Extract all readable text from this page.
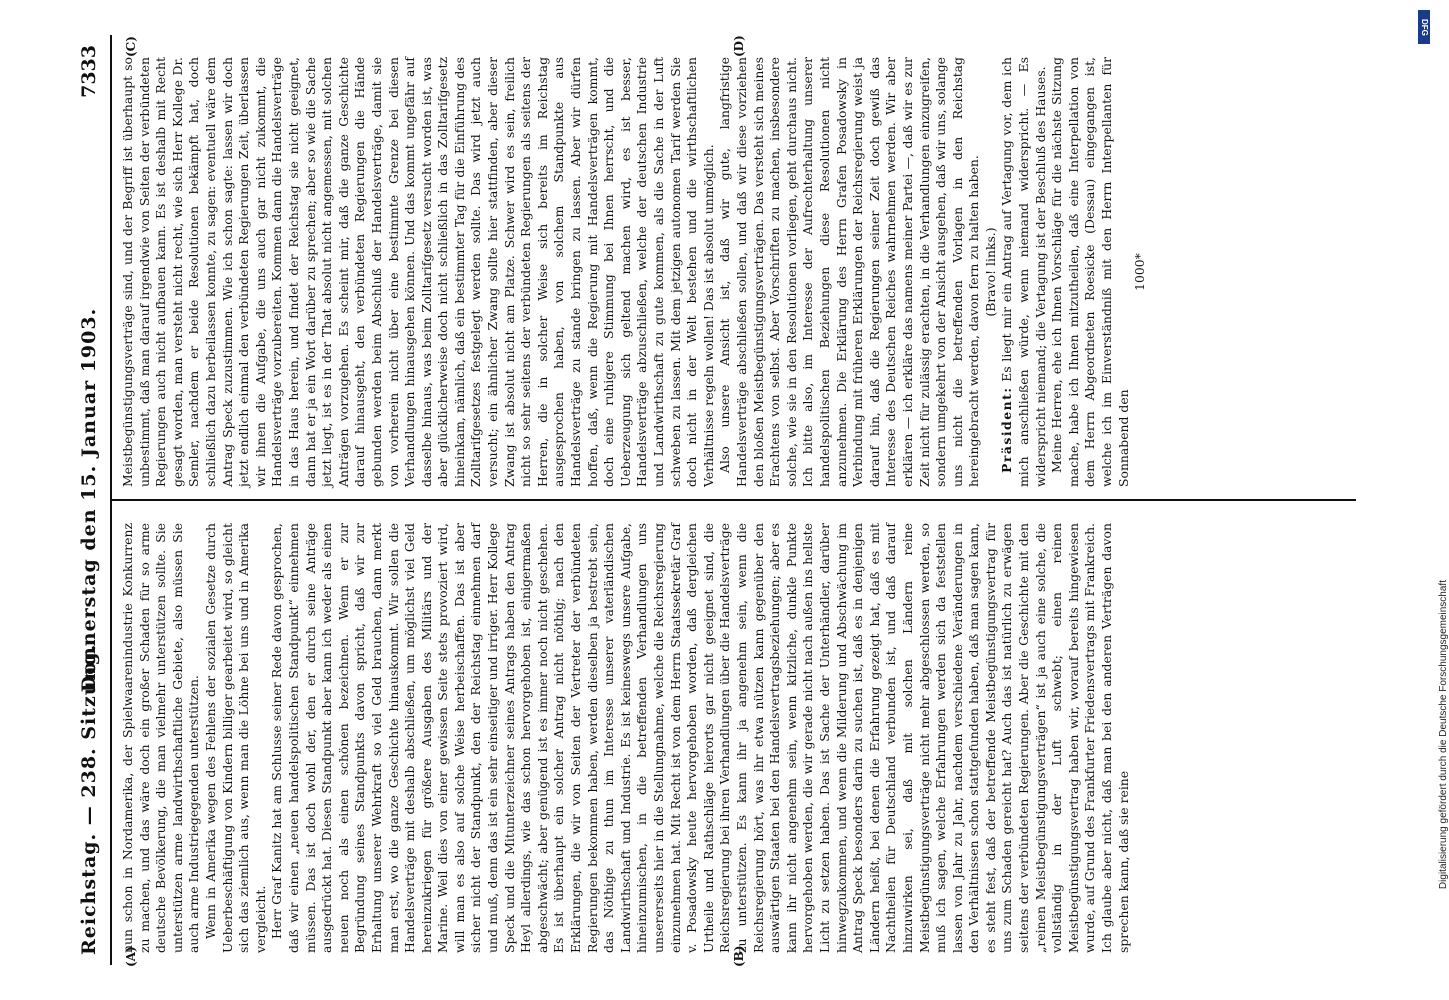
Reichstag. — 238. Sitzung.
Donnerstag den 15. Januar 1903.
7333
(A)	(B)
(C)	(D)

nun schon in Nordamerika, der Spielwaarenindustrie Konkurrenz zu machen, und das wäre doch ein großer Schaden für so arme deutsche Bevölkerung, die man vielmehr unterstützen sollte. Sie unterstützen arme landwirthschaftliche Gebiete, also müssen Sie auch arme Industriegegenden unterstützen. Wenn in Amerika wegen des Fehlens der sozialen Gesetze durch Ueberbeschäftigung von Kindern billiger gearbeitet wird, so gleicht sich das ziemlich aus, wenn man die Löhne bei uns und in Amerika vergleicht. Herr Graf Kanitz hat am Schlusse seiner Rede davon gesprochen, daß wir einen „neuen handelspolitischen Standpunkt“ einnehmen müssen. Das ist doch wohl der, den er durch seine Anträge ausgedrückt hat. Diesen Standpunkt aber kann ich weder als einen neuen noch als einen schönen bezeichnen. Wenn er zur Begründung seines Standpunkts davon spricht, daß wir zur Erhaltung unserer Wehrkraft so viel Geld brauchen, dann merkt man erst, wo die ganze Geschichte hinauskommt. Wir sollen die Handelsverträge mit deshalb abschließen, um möglichst viel Geld hereinzukriegen für größere Ausgaben des Militärs und der Marine. Weil dies von einer gewissen Seite stets provoziert wird, will man es also auf solche Weise herbeischaffen. Das ist aber sicher nicht der Standpunkt, den der Reichstag einnehmen darf und muß, denn das ist ein sehr einseitiger und irriger. Herr Kollege Speck und die Mitunterzeichner seines Antrags haben den Antrag Heyl allerdings, wie das schon hervorgehoben ist, einigermaßen abgeschwächt; aber genügend ist es immer noch nicht geschehen. Es ist überhaupt ein solcher Antrag nicht nöthig; nach den Erklärungen, die wir von Seiten der Vertreter der verbündeten Regierungen bekommen haben, werden dieselben ja bestrebt sein, das Nöthige zu thun im Interesse unserer vaterländischen Landwirthschaft und Industrie. Es ist keineswegs unsere Aufgabe, hineinzumischen, in die betreffenden Verhandlungen uns unsererseits hier in die Stellungnahme, welche die Reichsregierung einzunehmen hat. Mit Recht ist von dem Herrn Staatssekretär Graf v. Posadowsky heute hervorgehoben worden, daß dergleichen Urtheile und Rathschläge hierorts gar nicht geeignet sind, die Reichsregierung bei ihren Verhandlungen über die Handelsverträge zu unterstützen. Es kann ihr ja angenehm sein, wenn die Reichsregierung hört, was ihr etwa nützen kann gegenüber den auswärtigen Staaten bei den Handelsvertragsbeziehungen; aber es kann ihr nicht angenehm sein, wenn kitzliche, dunkle Punkte hervorgehoben werden, die wir gerade nicht nach außen ins hellste Licht zu setzen haben. Das ist Sache der Unterhändler, darüber hinwegzukommen, und wenn die Milderung und Abschwächung im Antrag Speck besonders darin zu suchen ist, daß es in denjenigen Ländern heißt, bei denen die Erfahrung gezeigt hat, daß es mit Nachtheilen für Deutschland verbunden ist, und daß darauf hinzuwirken sei, daß mit solchen Ländern reine Meistbegünstigungsverträge nicht mehr abgeschlossen werden, so muß ich sagen, welche Erfahrungen werden sich da feststellen lassen von Jahr zu Jahr, nachdem verschiedene Veränderungen in den Verhältnissen schon stattgefunden haben, daß man sagen kann, es steht fest, daß der betreffende Meistbegünstigungsvertrag für uns zum Schaden gereicht hat? Auch das ist natürlich zu erwägen seitens der verbündeten Regierungen. Aber die Geschichte mit den „reinen Meistbegünstigungsverträgen“ ist ja auch eine solche, die vollständig in der Luft schwebt; einen reinen Meistbegünstigungsvertrag haben wir, worauf bereits hingewiesen wurde, auf Grund des Frankfurter Friedensvertrags mit Frankreich. Ich glaube aber nicht, daß man bei den anderen Verträgen davon sprechen kann, daß sie reine

Meistbegünstigungsverträge sind, und der Begriff ist überhaupt so unbestimmt, daß man darauf irgendwie von Seiten der verbündeten Regierungen auch nicht aufbauen kann. Es ist deshalb mit Recht gesagt worden, man versteht nicht recht, wie sich Herr Kollege Dr. Semler, nachdem er beide Resolutionen bekämpft hat, doch schließlich dazu herbeilassen konnte, zu sagen: eventuell wäre dem Antrag Speck zuzustimmen. Wie ich schon sagte: lassen wir doch jetzt endlich einmal den verbündeten Regierungen Zeit, überlassen wir ihnen die Aufgabe, die uns auch gar nicht zukommt, die Handelsverträge vorzubereiten. Kommen dann die Handelsverträge in das Haus herein, und findet der Reichstag sie nicht geeignet, dann hat er ja ein Wort darüber zu sprechen; aber so wie die Sache jetzt liegt, ist es in der That absolut nicht angemessen, mit solchen Anträgen vorzugehen. Es scheint mir, daß die ganze Geschichte darauf hinausgeht, den verbündeten Regierungen die Hände gebunden werden beim Abschluß der Handelsverträge, damit sie von vorherein nicht über eine bestimmte Grenze bei diesen Verhandlungen hinausgehen können. Und das kommt ungefähr auf dasselbe hinaus, was beim Zolltarifgesetz versucht worden ist, was aber glücklicherweise doch nicht schließlich in das Zolltarifgesetz hineinkam, nämlich, daß ein bestimmter Tag für die Einführung des Zolltarifgesetzes festgelegt werden sollte. Das wird jetzt auch versucht; ein ähnlicher Zwang sollte hier stattfinden, aber dieser Zwang ist absolut nicht am Platze. Schwer wird es sein, freilich nicht so sehr seitens der verbündeten Regierungen als seitens der Herren, die in solcher Weise sich bereits im Reichstag ausgesprochen haben, von solchem Standpunkte aus Handelsverträge zu stande bringen zu lassen. Aber wir dürfen hoffen, daß, wenn die Regierung mit Handelsverträgen kommt, doch eine ruhigere Stimmung bei Ihnen herrscht, und die Ueberzeugung sich geltend machen wird, es ist besser, Handelsverträge abzuschließen, welche der deutschen Industrie und Landwirthschaft zu gute kommen, als die Sache in der Luft schweben zu lassen. Mit dem jetzigen autonomen Tarif werden Sie doch nicht in der Welt bestehen und die wirthschaftlichen Verhältnisse regeln wollen! Das ist absolut unmöglich. Also unsere Ansicht ist, daß wir gute, langfristige Handelsverträge abschließen sollen, und daß wir diese vorziehen den bloßen Meistbegünstigungsverträgen. Das versteht sich meines Erachtens von selbst. Aber Vorschriften zu machen, insbesondere solche, wie sie in den Resolutionen vorliegen, geht durchaus nicht. Ich bitte also, im Interesse der Aufrechterhaltung unserer handelspolitischen Beziehungen diese Resolutionen nicht anzunehmen. Die Erklärung des Herrn Grafen Posadowsky in Verbindung mit früheren Erklärungen der Reichsregierung weist ja darauf hin, daß die Regierungen seiner Zeit doch gewiß das Interesse des Deutschen Reiches wahrnehmen werden. Wir aber erklären — ich erkläre das namens meiner Partei —, daß wir es zur Zeit nicht für zulässig erachten, in die Verhandlungen einzugreifen, sondern umgekehrt von der Ansicht ausgehen, daß wir uns, solange uns nicht die betreffenden Vorlagen in den Reichstag hereingebracht werden, davon fern zu halten haben. (Bravo! links.)

Präsident: Es liegt mir ein Antrag auf Vertagung vor, dem ich mich anschließen würde, wenn niemand widerspricht. — Es widerspricht niemand; die Vertagung ist der Beschluß des Hauses. Meine Herren, ehe ich Ihnen Vorschläge für die nächste Sitzung mache, habe ich Ihnen mitzutheilen, daß eine Interpellation von dem Herrn Abgeordneten Roesicke (Dessau) eingegangen ist, welche ich im Einverständniß mit den Herrn Interpellanten für Sonnabend den

1000*

DFG
Digitalisierung gefördert durch die Deutsche Forschungsgemeinschaft
